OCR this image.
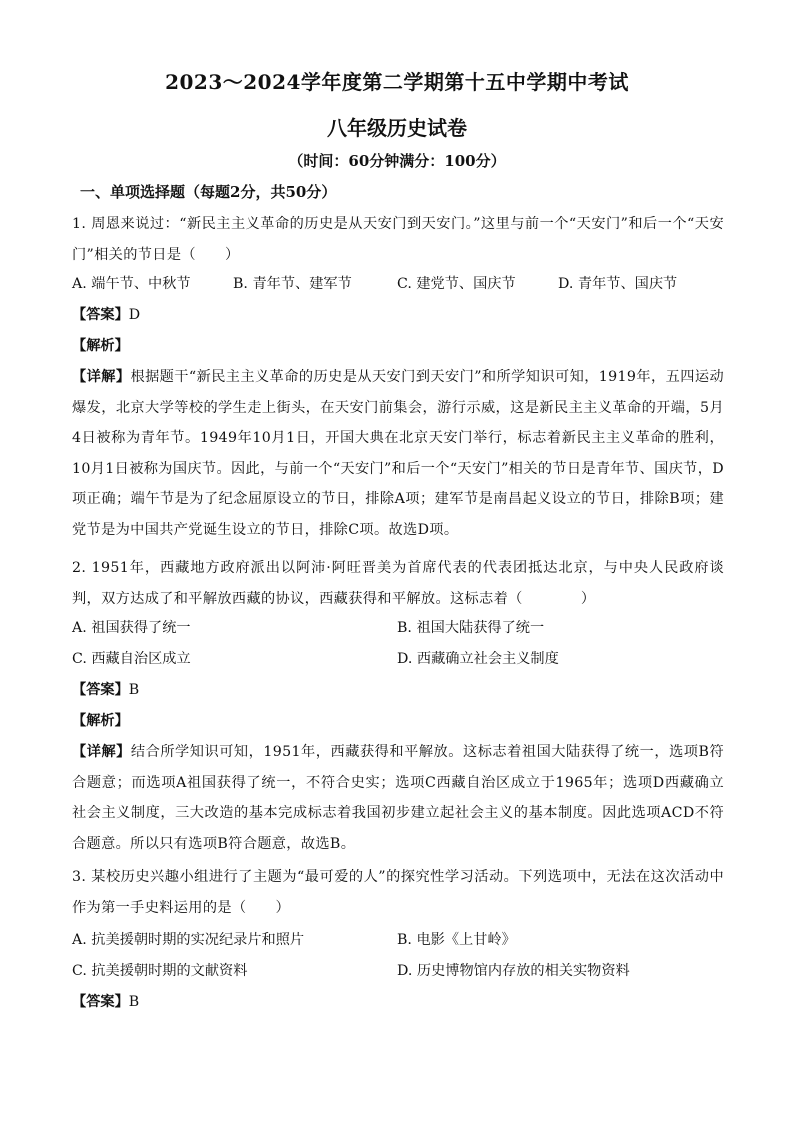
2023～2024学年度第二学期第十五中学期中考试
八年级历史试卷
（时间：60分钟满分：100分）
一、单项选择题（每题2分，共50分）
1. 周恩来说过：“新民主主义革命的历史是从天安门到天安门。”这里与前一个“天安门”和后一个“天安门”相关的节日是（　　）
A. 端午节、中秋节	B. 青年节、建军节	C. 建党节、国庆节	D. 青年节、国庆节
【答案】D
【解析】
【详解】根据题干“新民主主义革命的历史是从天安门到天安门”和所学知识可知，1919年，五四运动爆发，北京大学等校的学生走上街头，在天安门前集会，游行示威，这是新民主主义革命的开端，5月4日被称为青年节。1949年10月1日，开国大典在北京天安门举行，标志着新民主主义革命的胜利，10月1日被称为国庆节。因此，与前一个“天安门”和后一个“天安门”相关的节日是青年节、国庆节，D项正确；端午节是为了纪念屈原设立的节日，排除A项；建军节是南昌起义设立的节日，排除B项；建党节是为中国共产党诞生设立的节日，排除C项。故选D项。
2. 1951年，西藏地方政府派出以阿沛·阿旺晋美为首席代表的代表团抵达北京，与中央人民政府谈判，双方达成了和平解放西藏的协议，西藏获得和平解放。这标志着（　　　　）
A. 祖国获得了统一	B. 祖国大陆获得了统一
C. 西藏自治区成立	D. 西藏确立社会主义制度
【答案】B
【解析】
【详解】结合所学知识可知，1951年，西藏获得和平解放。这标志着祖国大陆获得了统一，选项B符合题意；而选项A祖国获得了统一，不符合史实；选项C西藏自治区成立于1965年；选项D西藏确立社会主义制度，三大改造的基本完成标志着我国初步建立起社会主义的基本制度。因此选项ACD不符合题意。所以只有选项B符合题意，故选B。
3. 某校历史兴趣小组进行了主题为“最可爱的人”的探究性学习活动。下列选项中，无法在这次活动中作为第一手史料运用的是（　　）
A. 抗美援朝时期的实况纪录片和照片	B. 电影《上甘岭》
C. 抗美援朝时期的文献资料	D. 历史博物馆内存放的相关实物资料
【答案】B
